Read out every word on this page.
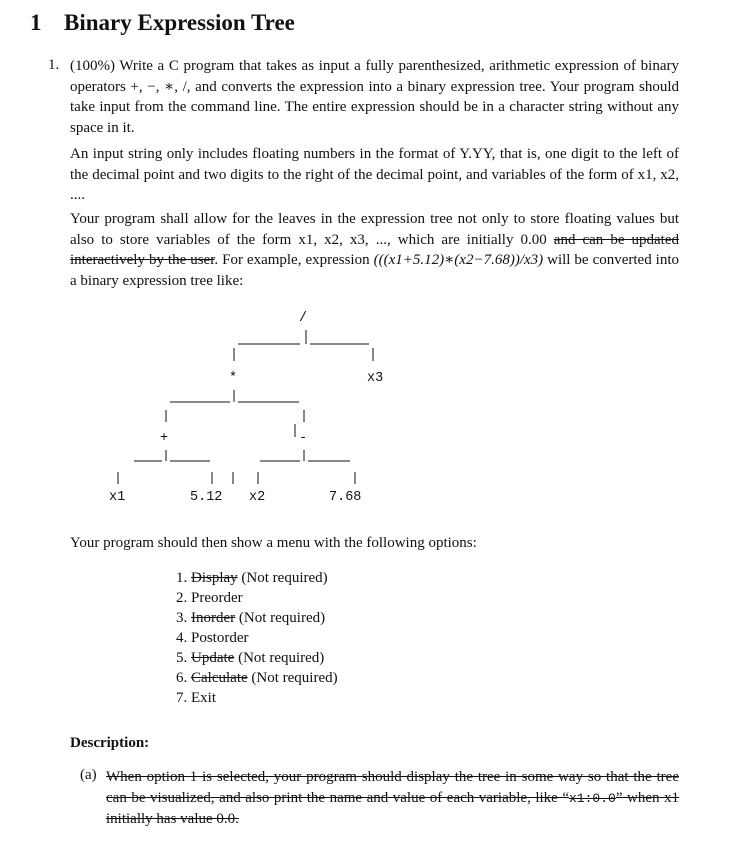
1 Binary Expression Tree
1. (100%) Write a C program that takes as input a fully parenthesized, arithmetic expression of binary operators +, −, ∗, /, and converts the expression into a binary expression tree. Your program should take input from the command line. The entire expression should be in a character string without any space in it.

An input string only includes floating numbers in the format of Y.YY, that is, one digit to the left of the decimal point and two digits to the right of the decimal point, and variables of the form of x1, x2, ....

Your program shall allow for the leaves in the expression tree not only to store floating values but also to store variables of the form x1, x2, x3, ..., which are initially 0.00 and can be updated interactively by the user. For example, expression (((x1+5.12)∗(x2−7.68))/x3) will be converted into a binary expression tree like:

/
*	x3
+	-
x1	5.12 x2	7.68

Your program should then show a menu with the following options:

1. Display (Not required)
2. Preorder
3. Inorder (Not required)
4. Postorder
5. Update (Not required)
6. Calculate (Not required)
7. Exit
Description:
(a) When option 1 is selected, your program should display the tree in some way so that the tree can be visualized, and also print the name and value of each variable, like “x1:0.0” when x1 initially has value 0.0.
